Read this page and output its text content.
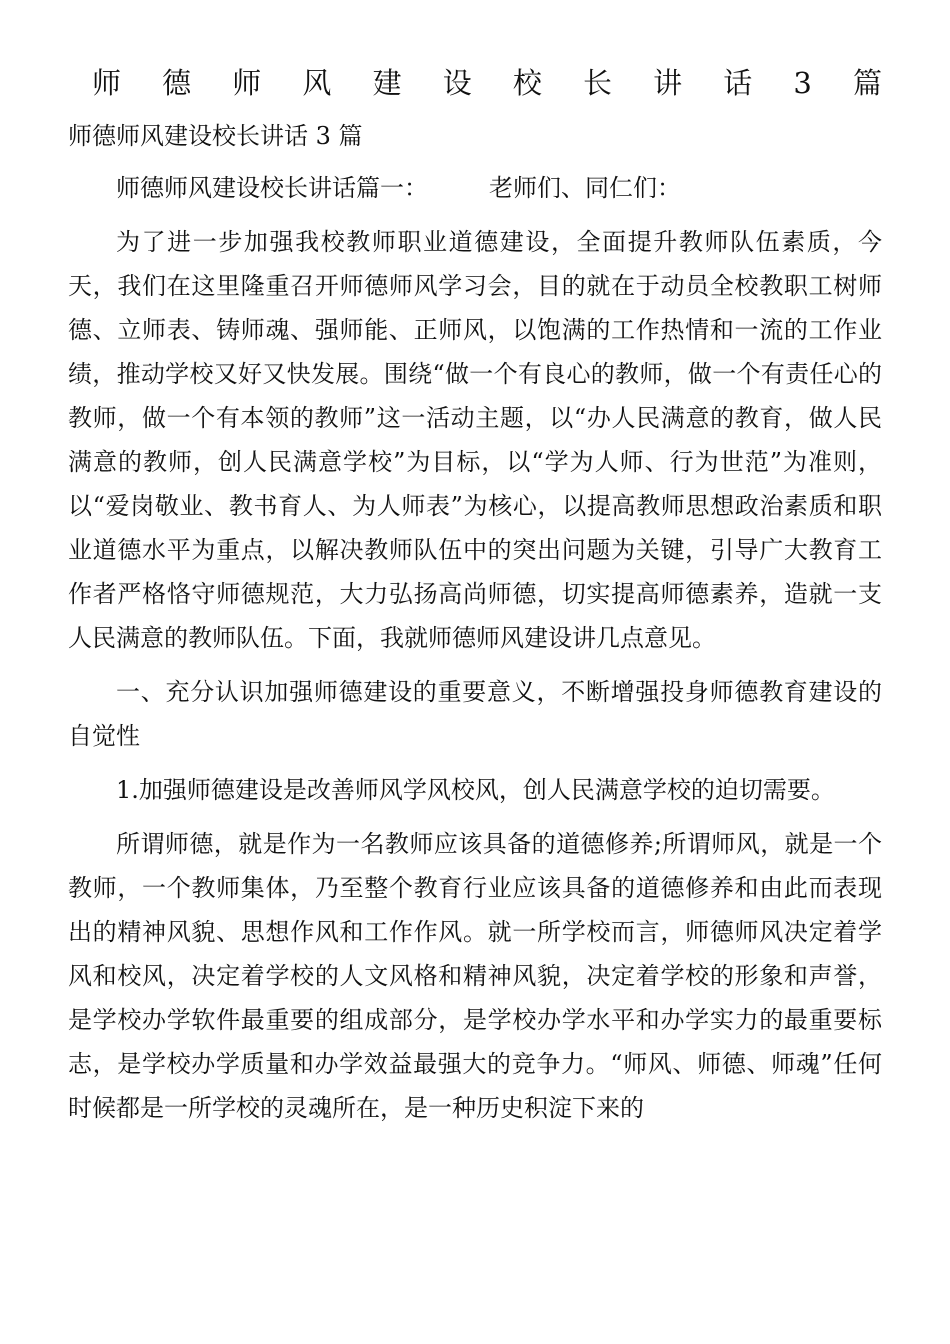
师 德 师 风 建 设 校 长 讲 话 3 篇
师德师风建设校长讲话 3 篇

师德师风建设校长讲话篇一：        老师们、同仁们：

为了进一步加强我校教师职业道德建设，全面提升教师队伍素质，今天，我们在这里隆重召开师德师风学习会，目的就在于动员全校教职工树师德、立师表、铸师魂、强师能、正师风，以饱满的工作热情和一流的工作业绩，推动学校又好又快发展。围绕“做一个有良心的教师，做一个有责任心的教师，做一个有本领的教师”这一活动主题，以“办人民满意的教育，做人民满意的教师，创人民满意学校”为目标，以“学为人师、行为世范”为准则，以“爱岗敬业、教书育人、为人师表”为核心，以提高教师思想政治素质和职业道德水平为重点，以解决教师队伍中的突出问题为关键，引导广大教育工作者严格恪守师德规范，大力弘扬高尚师德，切实提高师德素养，造就一支人民满意的教师队伍。下面，我就师德师风建设讲几点意见。

一、充分认识加强师德建设的重要意义，不断增强投身师德教育建设的自觉性

1.加强师德建设是改善师风学风校风，创人民满意学校的迫切需要。

所谓师德，就是作为一名教师应该具备的道德修养;所谓师风，就是一个教师，一个教师集体，乃至整个教育行业应该具备的道德修养和由此而表现出的精神风貌、思想作风和工作作风。就一所学校而言，师德师风决定着学风和校风，决定着学校的人文风格和精神风貌，决定着学校的形象和声誉，是学校办学软件最重要的组成部分，是学校办学水平和办学实力的最重要标志，是学校办学质量和办学效益最强大的竞争力。“师风、师德、师魂”任何时候都是一所学校的灵魂所在，是一种历史积淀下来的
